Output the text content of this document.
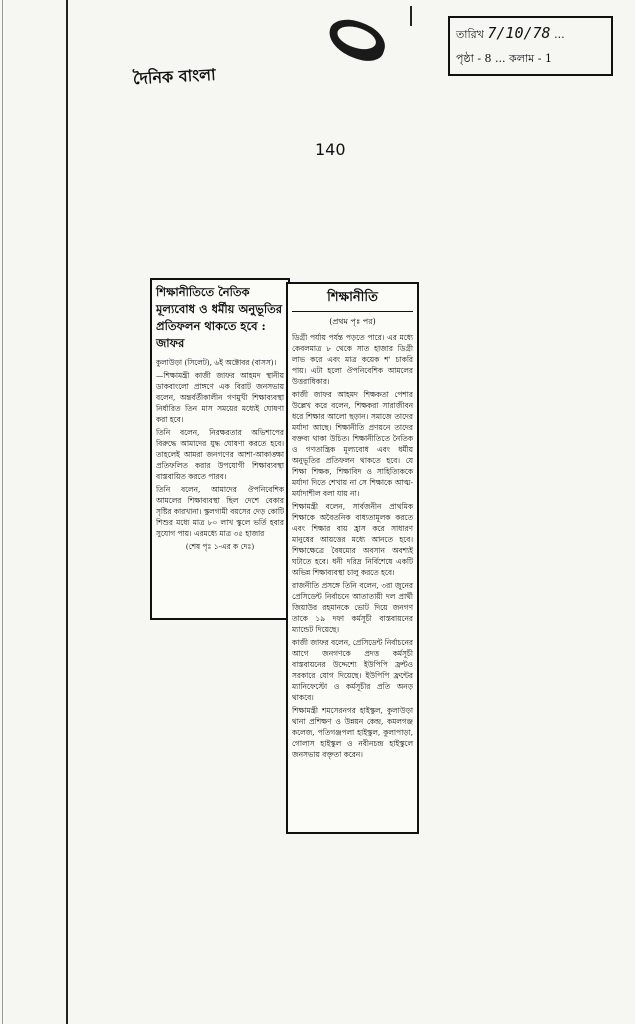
তারিখ 7/10/78 ...
পৃষ্ঠা - 8 ... কলাম - 1
দৈনিক বাংলা
140

শিক্ষানীতিতে নৈতিক মূল্যবোধ ও ধর্মীয় অনুভূতির প্রতিফলন থাকতে হবে : জাফর

কুলাউড়া (সিলেট), ৬ই অক্টোবর (বাসস)।

—শিক্ষামন্ত্রী কাজী জাফর আহমদ স্থানীয় ডাকবাংলো প্রাঙ্গণে এক বিরাট জনসভায় বলেন, অন্তর্বর্তীকালীন গণমুখী শিক্ষাব্যবস্থা নির্ধারিত তিন মাস সময়ের মধ্যেই ঘোষণা করা হবে।

তিনি বলেন, নিরক্ষরতার অভিশাপের বিরুদ্ধে আমাদের যুদ্ধ ঘোষণা করতে হবে। তাহলেই আমরা জনগণের আশা-আকাঙ্ক্ষা প্রতিফলিত করার উপযোগী শিক্ষাব্যবস্থা বাস্তবায়িত করতে পারব।

তিনি বলেন, আমাদের ঔপনিবেশিক আমলের শিক্ষাব্যবস্থা ছিল দেশে বেকার সৃষ্টির কারখানা। স্কুলগামী বয়সের দেড় কোটি শিশুর মধ্যে মাত্র ৮০ লাখ স্কুলে ভর্তি হবার সুযোগ পায়। এরমধ্যে মাত্র ৩৫ হাজার

(শেষ পৃঃ ১-এর ক দেঃ)

শিক্ষানীতি

(প্রথম পৃঃ পর)

ডিগ্রী পর্যায় পর্যন্ত পড়তে পারে। এর মধ্যে কেবলমাত্র ৮ থেকে সাত হাজার ডিগ্রী লাভ করে এবং মাত্র কয়েক শ' চাকরি পায়। এটা হলো ঔপনিবেশিক আমলের উত্তরাধিকার।

কাজী জাফর আহমদ শিক্ষকতা পেশার উল্লেখ করে বলেন, শিক্ষকরা সারাজীবন ধরে শিক্ষার আলো ছড়ান। সমাজে তাদের মর্যাদা আছে। শিক্ষানীতি প্রণয়নে তাদের বক্তব্য থাকা উচিত। শিক্ষানীতিতে নৈতিক ও গণতান্ত্রিক মূল্যবোধ এবং ধর্মীয় অনুভূতির প্রতিফলন থাকতে হবে। যে শিক্ষা শিক্ষক, শিক্ষাবিদ ও সাহিত্যিককে মর্যাদা দিতে শেখায় না সে শিক্ষাকে আত্ম-মর্যাদাশীল বলা যায় না।

শিক্ষামন্ত্রী বলেন, সার্বজনীন প্রাথমিক শিক্ষাকে অবৈতনিক বাধ্যতামূলক করতে এবং শিক্ষার বায় হ্রাস করে সাধারণ মানুষের আয়ত্তের মধ্যে আনতে হবে। শিক্ষাক্ষেত্রে বৈষম্যের অবসান অবশ্যই ঘটাতে হবে। ধনী দরিদ্র নির্বিশেষে একটি অভিন্ন শিক্ষাব্যবস্থা চালু করতে হবে।

রাজনীতি প্রসঙ্গে তিনি বলেন, ৩রা জুনের প্রেসিডেন্ট নির্বাচনে আতাতায়ী দল প্রার্থী জিয়াউর রহমানকে ভোট দিয়ে জনগণ তাকে ১৯ দফা কর্মসূচী বাস্তবায়নের ম্যান্ডেট দিয়েছে।

কাজী জাফর বলেন, প্রেসিডেন্ট নির্বাচনের আগে জনগণকে প্রদত্ত কর্মসূচী বাস্তবায়নের উদ্দেশ্যে ইউপিপি ফ্রন্টও সরকারে যোগ দিয়েছে। ইউপিপি ফ্রন্টের ম্যানিফেস্টো ও কর্মসূচীর প্রতি অনড় থাকবে।

শিক্ষামন্ত্রী শমসেরনগর হাইস্কুল, কুলাউড়া থানা প্রশিক্ষণ ও উন্নয়ন কেন্দ্র, কমলগঞ্জ কলেজ, পতিগঞ্জপলা হাইস্কুল, কুলাপাড়া, গোলাস হাইস্কুল ও নবীনচন্দ্র হাইস্কুলে জনসভায় বক্তৃতা করেন।
